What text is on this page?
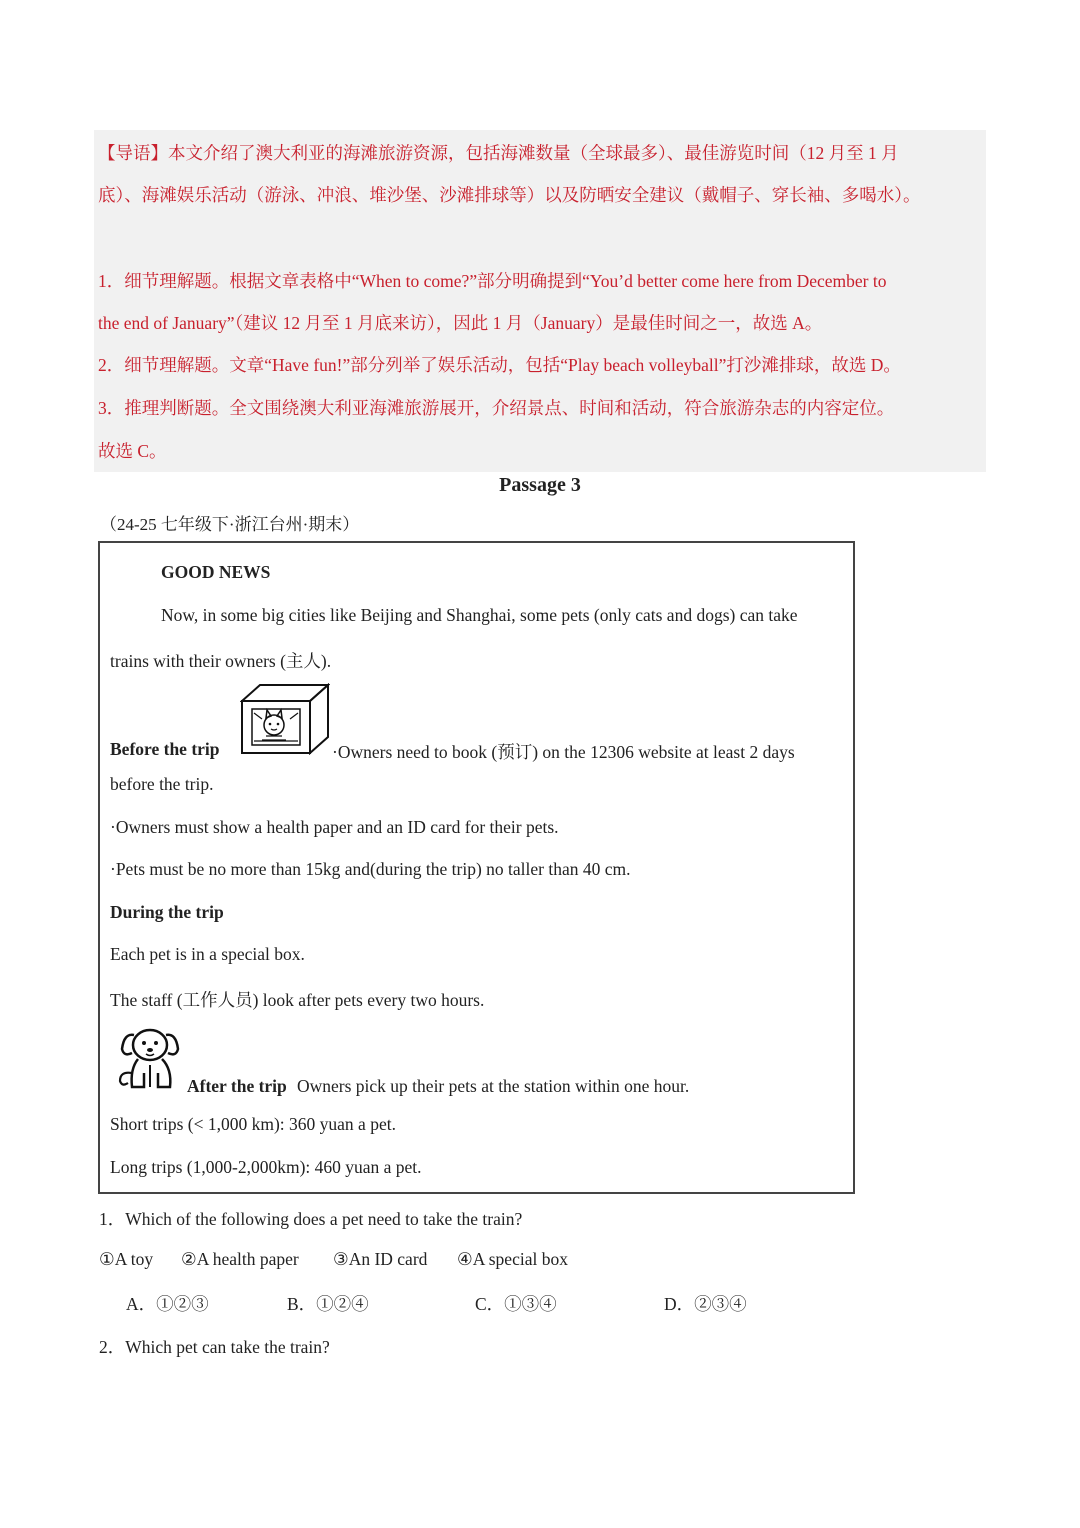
【导语】本文介绍了澳大利亚的海滩旅游资源，包括海滩数量（全球最多）、最佳游览时间（12 月至 1 月
底）、海滩娱乐活动（游泳、冲浪、堆沙堡、沙滩排球等）以及防晒安全建议（戴帽子、穿长袖、多喝水）。
1．细节理解题。根据文章表格中“When to come?”部分明确提到“You’d better come here from December to
the end of January”（建议 12 月至 1 月底来访），因此 1 月（January）是最佳时间之一，故选 A。
2．细节理解题。文章“Have fun!”部分列举了娱乐活动，包括“Play beach volleyball”打沙滩排球，故选 D。
3．推理判断题。全文围绕澳大利亚海滩旅游展开，介绍景点、时间和活动，符合旅游杂志的内容定位。
故选 C。
Passage 3
（24-25 七年级下·浙江台州·期末）
GOOD NEWS
Now, in some big cities like Beijing and Shanghai, some pets (only cats and dogs) can take
trains with their owners (主人).
Before the trip	·Owners need to book (预订) on the 12306 website at least 2 days
before the trip.
·Owners must show a health paper and an ID card for their pets.
·Pets must be no more than 15kg and(during the trip) no taller than 40 cm.
During the trip
Each pet is in a special box.
The staff (工作人员) look after pets every two hours.
After the trip Owners pick up their pets at the station within one hour.
Short trips (< 1,000 km): 360 yuan a pet.
Long trips (1,000-2,000km): 460 yuan a pet.
1．Which of the following does a pet need to take the train?
①A toy ②A health paper ③An ID card ④A special box
A．①②③	B．①②④	C．①③④	D．②③④
2．Which pet can take the train?
